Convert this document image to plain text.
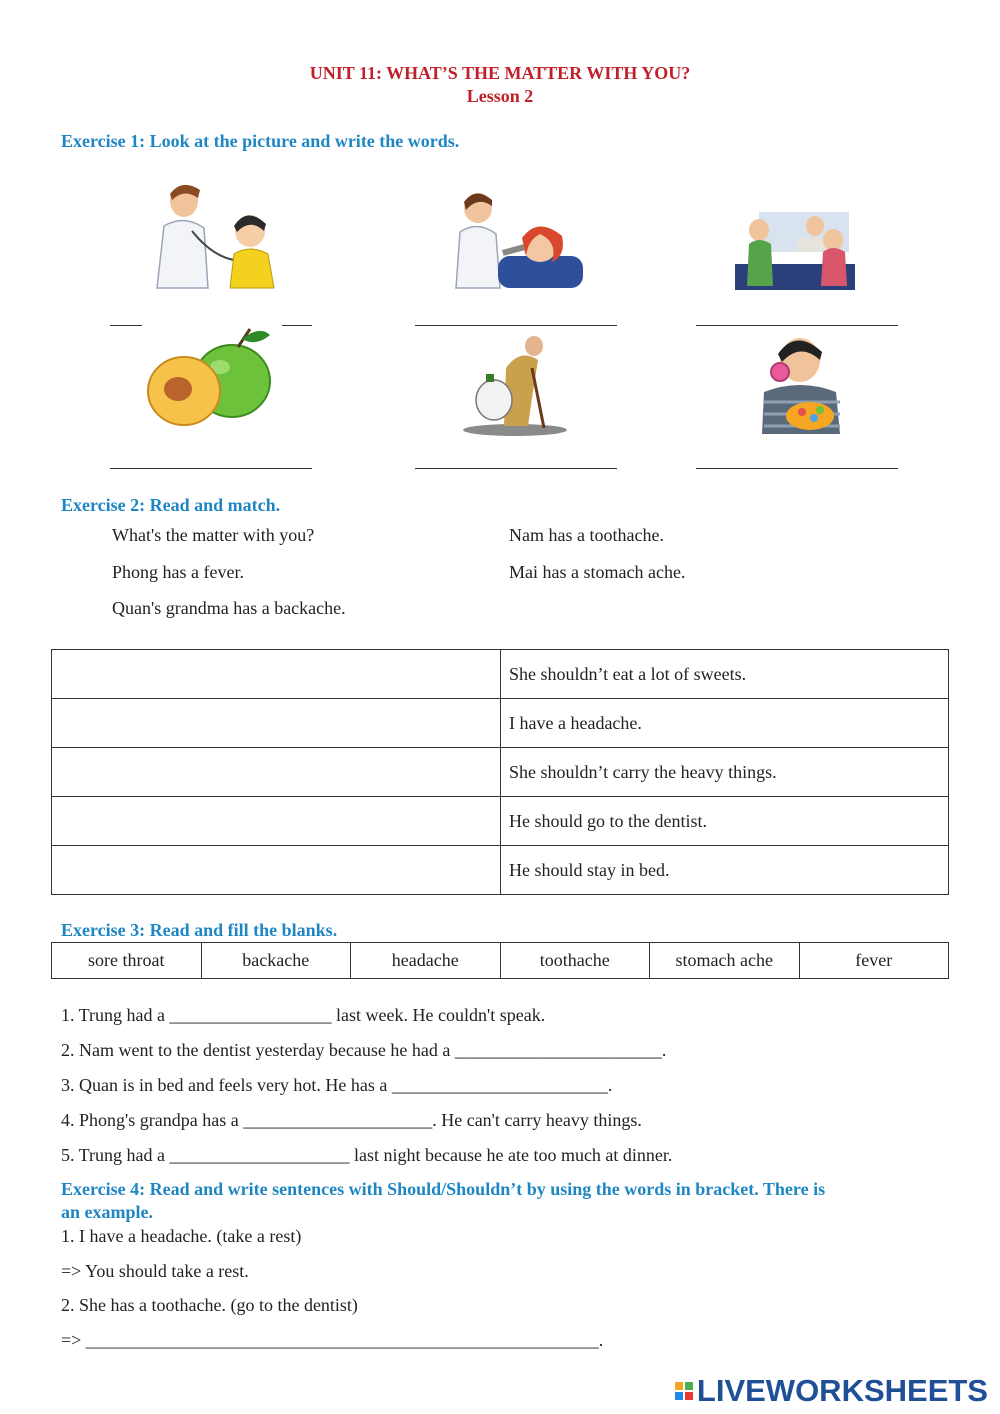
UNIT 11: WHAT’S THE MATTER WITH YOU?
Lesson 2
Exercise 1: Look at the picture and write the words.
Exercise 2: Read and match.
What's the matter with you?	Nam has a toothache.
Phong has a fever.	Mai has a stomach ache.
Quan's grandma has a backache.
	She shouldn’t eat a lot of sweets.
	I have a headache.
	She shouldn’t carry the heavy things.
	He should go to the dentist.
	He should stay in bed.
Exercise 3: Read and fill the blanks.
sore throat	backache	headache	toothache	stomach ache	fever
1. Trung had a __________________ last week. He couldn't speak.
2. Nam went to the dentist yesterday because he had a _______________________.
3. Quan is in bed and feels very hot. He has a ________________________.
4. Phong's grandpa has a _____________________. He can't carry heavy things.
5. Trung had a ____________________ last night because he ate too much at dinner.
Exercise 4: Read and write sentences with Should/Shouldn’t by using the words in bracket. There is
an example.
1. I have a headache. (take a rest)
=> You should take a rest.
2. She has a toothache. (go to the dentist)
=> _________________________________________________________.
LIVEWORKSHEETS
